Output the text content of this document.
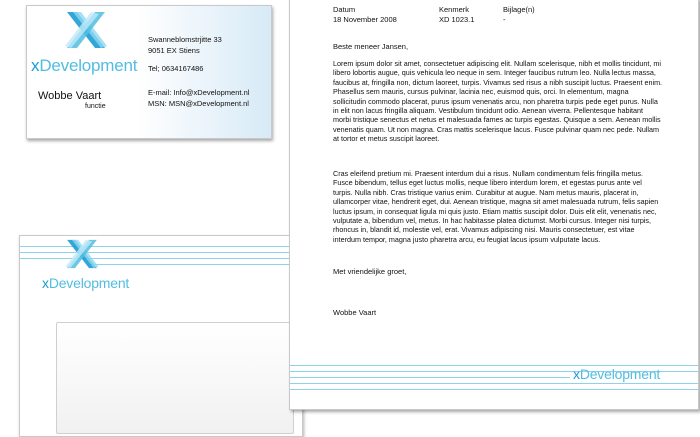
xDevelopment
Wobbe Vaart
functie
Swanneblomstrjitte 33
9051 EX Stiens
Tel; 0634167486
E-mail: Info@xDevelopment.nl
MSN: MSN@xDevelopment.nl
xDevelopment
Datum	Kenmerk	Bijlage(n)
18 November 2008	XD 1023.1	-
Beste meneer Jansen,

Lorem ipsum dolor sit amet, consectetuer adipiscing elit. Nullam scelerisque, nibh et mollis tincidunt, mi libero lobortis augue, quis vehicula leo neque in sem. Integer faucibus rutrum leo. Nulla lectus massa, faucibus at, fringilla non, dictum laoreet, turpis. Vivamus sed risus a nibh suscipit luctus. Praesent enim. Phasellus sem mauris, cursus pulvinar, lacinia nec, euismod quis, orci. In elementum, magna sollicitudin commodo placerat, purus ipsum venenatis arcu, non pharetra turpis pede eget purus. Nulla in elit non lacus fringilla aliquam. Vestibulum tincidunt odio. Aenean viverra. Pellentesque habitant morbi tristique senectus et netus et malesuada fames ac turpis egestas. Quisque a sem. Aenean mollis venenatis quam. Ut non magna. Cras mattis scelerisque lacus. Fusce pulvinar quam nec pede. Nullam at tortor et metus suscipit laoreet.

Cras eleifend pretium mi. Praesent interdum dui a risus. Nullam condimentum felis fringilla metus. Fusce bibendum, tellus eget luctus mollis, neque libero interdum lorem, et egestas purus ante vel turpis. Nulla nibh. Cras tristique varius enim. Curabitur at augue. Nam metus mauris, placerat in, ullamcorper vitae, hendrerit eget, dui. Aenean tristique, magna sit amet malesuada rutrum, felis sapien luctus ipsum, in consequat ligula mi quis justo. Etiam mattis suscipit dolor. Duis elit elit, venenatis nec, vulputate a, bibendum vel, metus. In hac habitasse platea dictumst. Morbi cursus. Integer nisi turpis, rhoncus in, blandit id, molestie vel, erat. Vivamus adipiscing nisi. Mauris consectetuer, est vitae interdum tempor, magna justo pharetra arcu, eu feugiat lacus ipsum vulputate lacus.

Met vriendelijke groet,
Wobbe Vaart
xDevelopment
